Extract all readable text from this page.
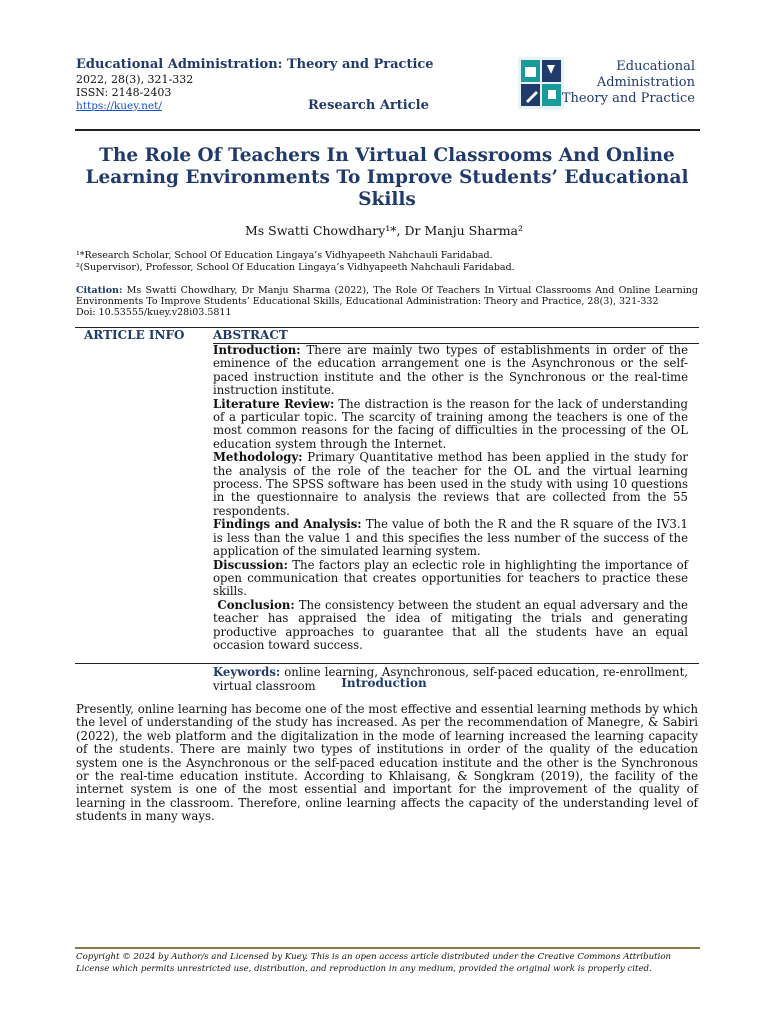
Educational Administration: Theory and Practice
2022, 28(3), 321-332
ISSN: 2148-2403
https://kuey.net/	Research Article
Educational
Administration
Theory and Practice
The Role Of Teachers In Virtual Classrooms And Online Learning Environments To Improve Students’ Educational Skills
Ms Swatti Chowdhary¹*, Dr Manju Sharma²
¹*Research Scholar, School Of Education Lingaya’s Vidhyapeeth Nahchauli Faridabad.
²(Supervisor), Professor, School Of Education Lingaya’s Vidhyapeeth Nahchauli Faridabad.
Citation: Ms Swatti Chowdhary, Dr Manju Sharma (2022), The Role Of Teachers In Virtual Classrooms And Online Learning Environments To Improve Students’ Educational Skills, Educational Administration: Theory and Practice, 28(3), 321-332
Doi: 10.53555/kuey.v28i03.5811
ARTICLE INFO ABSTRACT

Introduction: There are mainly two types of establishments in order of the eminence of the education arrangement one is the Asynchronous or the self-paced instruction institute and the other is the Synchronous or the real-time instruction institute.

Literature Review: The distraction is the reason for the lack of understanding of a particular topic. The scarcity of training among the teachers is one of the most common reasons for the facing of difficulties in the processing of the OL education system through the Internet.

Methodology: Primary Quantitative method has been applied in the study for the analysis of the role of the teacher for the OL and the virtual learning process. The SPSS software has been used in the study with using 10 questions in the questionnaire to analysis the reviews that are collected from the 55 respondents.

Findings and Analysis: The value of both the R and the R square of the IV3.1 is less than the value 1 and this specifies the less number of the success of the application of the simulated learning system.

Discussion: The factors play an eclectic role in highlighting the importance of open communication that creates opportunities for teachers to practice these skills.

Conclusion: The consistency between the student an equal adversary and the teacher has appraised the idea of mitigating the trials and generating productive approaches to guarantee that all the students have an equal occasion toward success.

Keywords: online learning, Asynchronous, self-paced education, re-enrollment, virtual classroom	Introduction
Presently, online learning has become one of the most effective and essential learning methods by which the level of understanding of the study has increased. As per the recommendation of Manegre, & Sabiri (2022), the web platform and the digitalization in the mode of learning increased the learning capacity of the students. There are mainly two types of institutions in order of the quality of the education system one is the Asynchronous or the self-paced education institute and the other is the Synchronous or the real-time education institute. According to Khlaisang, & Songkram (2019), the facility of the internet system is one of the most essential and important for the improvement of the quality of learning in the classroom. Therefore, online learning affects the capacity of the understanding level of students in many ways.
Copyright © 2024 by Author/s and Licensed by Kuey. This is an open access article distributed under the Creative Commons Attribution License which permits unrestricted use, distribution, and reproduction in any medium, provided the original work is properly cited.
